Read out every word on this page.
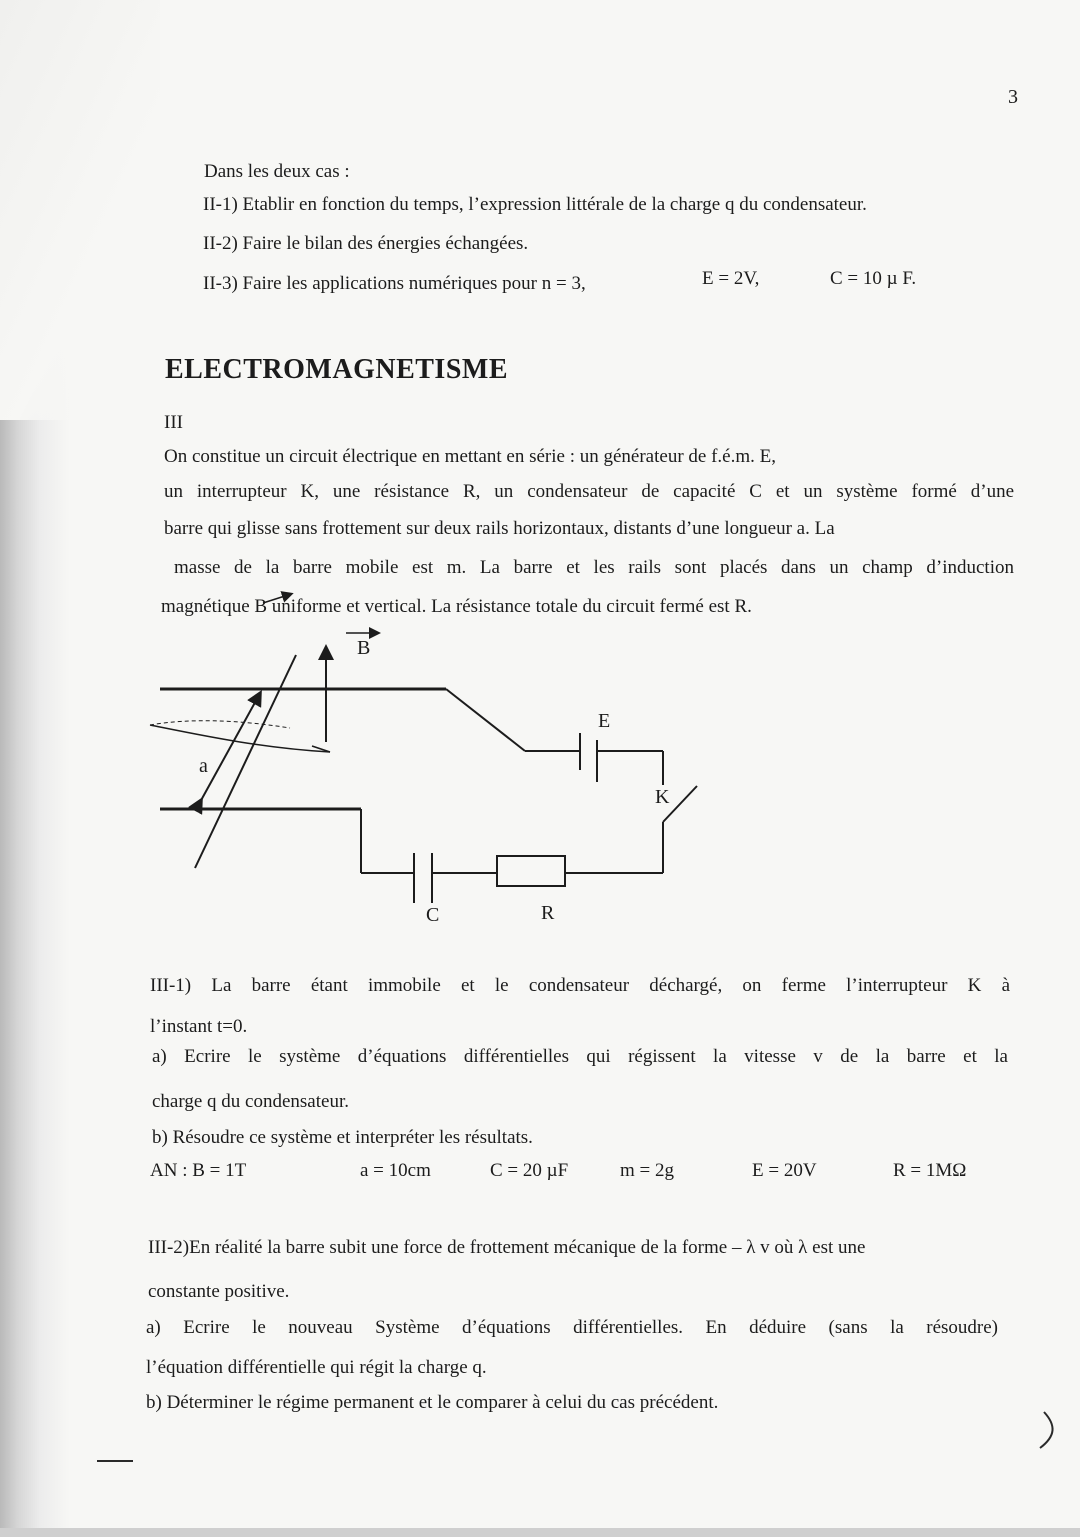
3
Dans les deux cas :
II-1) Etablir en fonction du temps, l’expression littérale de la charge q du condensateur.
II-2) Faire le bilan des énergies échangées.
II-3) Faire les applications numériques pour n = 3,	E = 2V,	C = 10 µ F.
ELECTROMAGNETISME
III
On constitue un circuit électrique en mettant en série : un générateur de f.é.m. E,
un interrupteur K, une résistance R, un condensateur de capacité C et un système formé d’une
barre qui glisse sans frottement sur deux rails horizontaux, distants d’une longueur a. La
masse de la barre mobile est m. La barre et les rails sont placés dans un champ d’induction
magnétique B uniforme et vertical. La résistance totale du circuit fermé est R.
B
a
E
K
C	R
III-1) La barre étant immobile et le condensateur déchargé, on ferme l’interrupteur K à
l’instant t=0.
a) Ecrire le système d’équations différentielles qui régissent la vitesse v de la barre et la
charge q du condensateur.
b) Résoudre ce système et interpréter les résultats.
AN : B = 1T	a = 10cm	C = 20 µF	m = 2g	E = 20V	R = 1MΩ
III-2)En réalité la barre subit une force de frottement mécanique de la forme – λ v où λ est une
constante positive.
a) Ecrire le nouveau Système d’équations différentielles. En déduire (sans la résoudre)
l’équation différentielle qui régit la charge q.
b) Déterminer le régime permanent et le comparer à celui du cas précédent.
